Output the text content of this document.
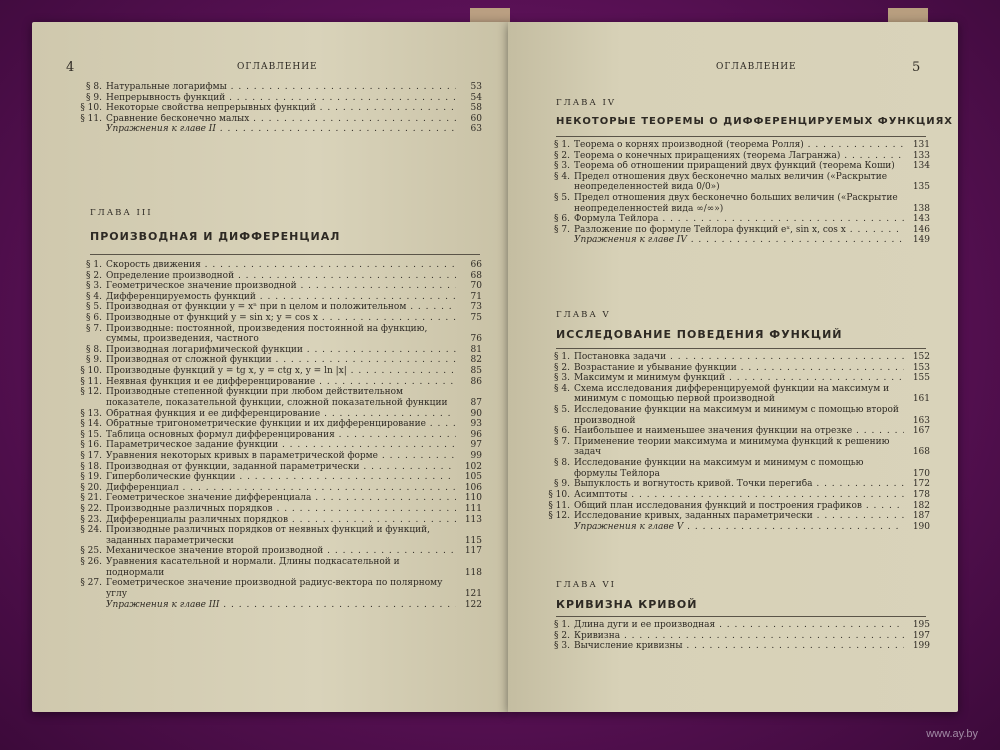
4	ОГЛАВЛЕНИЕ
§ 8. Натуральные логарифмы . . .	53
§ 9. Непрерывность функций . . .	54
§ 10. Некоторые свойства непрерывных функций . . .	58
§ 11. Сравнение бесконечно малых . . .	60
Упражнения к главе II . . .	63
ГЛАВА III
ПРОИЗВОДНАЯ И ДИФФЕРЕНЦИАЛ
§ 1. Скорость движения . . .	66
§ 2. Определение производной . . .	68
§ 3. Геометрическое значение производной . . .	70
§ 4. Дифференцируемость функций . . .	71
§ 5. Производная от функции y = xⁿ при n целом и положительном . . .	73
§ 6. Производные от функций y = sin x; y = cos x . . .	75
§ 7. Производные: постоянной, произведения постоянной на функцию, суммы, произведения, частного	76
§ 8. Производная логарифмической функции . . .	81
§ 9. Производная от сложной функции . . .	82
§ 10. Производные функций y = tg x, y = ctg x, y = ln |x| . . .	85
§ 11. Неявная функция и ее дифференцирование . . .	86
§ 12. Производные степенной функции при любом действительном показателе, показательной функции, сложной показательной функции	87
§ 13. Обратная функция и ее дифференцирование . . .	90
§ 14. Обратные тригонометрические функции и их дифференцирование . . .	93
§ 15. Таблица основных формул дифференцирования . . .	96
§ 16. Параметрическое задание функции . . .	97
§ 17. Уравнения некоторых кривых в параметрической форме . . .	99
§ 18. Производная от функции, заданной параметрически . . .	102
§ 19. Гиперболические функции . . .	105
§ 20. Дифференциал . . .	106
§ 21. Геометрическое значение дифференциала . . .	110
§ 22. Производные различных порядков . . .	111
§ 23. Дифференциалы различных порядков . . .	113
§ 24. Производные различных порядков от неявных функций и функций, заданных параметрически	115
§ 25. Механическое значение второй производной . . .	117
§ 26. Уравнения касательной и нормали. Длины подкасательной и поднормали	118
§ 27. Геометрическое значение производной радиус-вектора по полярному углу	121
Упражнения к главе III . . .	122
ОГЛАВЛЕНИЕ	5
ГЛАВА IV
НЕКОТОРЫЕ ТЕОРЕМЫ О ДИФФЕРЕНЦИРУЕМЫХ ФУНКЦИЯХ
§ 1. Теорема о корнях производной (теорема Ролля) . . .	131
§ 2. Теорема о конечных приращениях (теорема Лагранжа) . . .	133
§ 3. Теорема об отношении приращений двух функций (теорема Коши)	134
§ 4. Предел отношения двух бесконечно малых величин («Раскрытие неопределенностей вида 0/0»)	135
§ 5. Предел отношения двух бесконечно больших величин («Раскрытие неопределенностей вида ∞/∞»)	138
§ 6. Формула Тейлора . . .	143
§ 7. Разложение по формуле Тейлора функций eˣ, sin x, cos x . . .	146
Упражнения к главе IV . . .	149
ГЛАВА V
ИССЛЕДОВАНИЕ ПОВЕДЕНИЯ ФУНКЦИЙ
§ 1. Постановка задачи . . .	152
§ 2. Возрастание и убывание функции . . .	153
§ 3. Максимум и минимум функций . . .	155
§ 4. Схема исследования дифференцируемой функции на максимум и минимум с помощью первой производной	161
§ 5. Исследование функции на максимум и минимум с помощью второй производной	163
§ 6. Наибольшее и наименьшее значения функции на отрезке . . .	167
§ 7. Применение теории максимума и минимума функций к решению задач	168
§ 8. Исследование функции на максимум и минимум с помощью формулы Тейлора	170
§ 9. Выпуклость и вогнутость кривой. Точки перегиба . . .	172
§ 10. Асимптоты . . .	178
§ 11. Общий план исследования функций и построения графиков . . .	182
§ 12. Исследование кривых, заданных параметрически . . .	187
Упражнения к главе V . . .	190
ГЛАВА VI
КРИВИЗНА КРИВОЙ
§ 1. Длина дуги и ее производная . . .	195
§ 2. Кривизна . . .	197
§ 3. Вычисление кривизны . . .	199
www.ay.by
